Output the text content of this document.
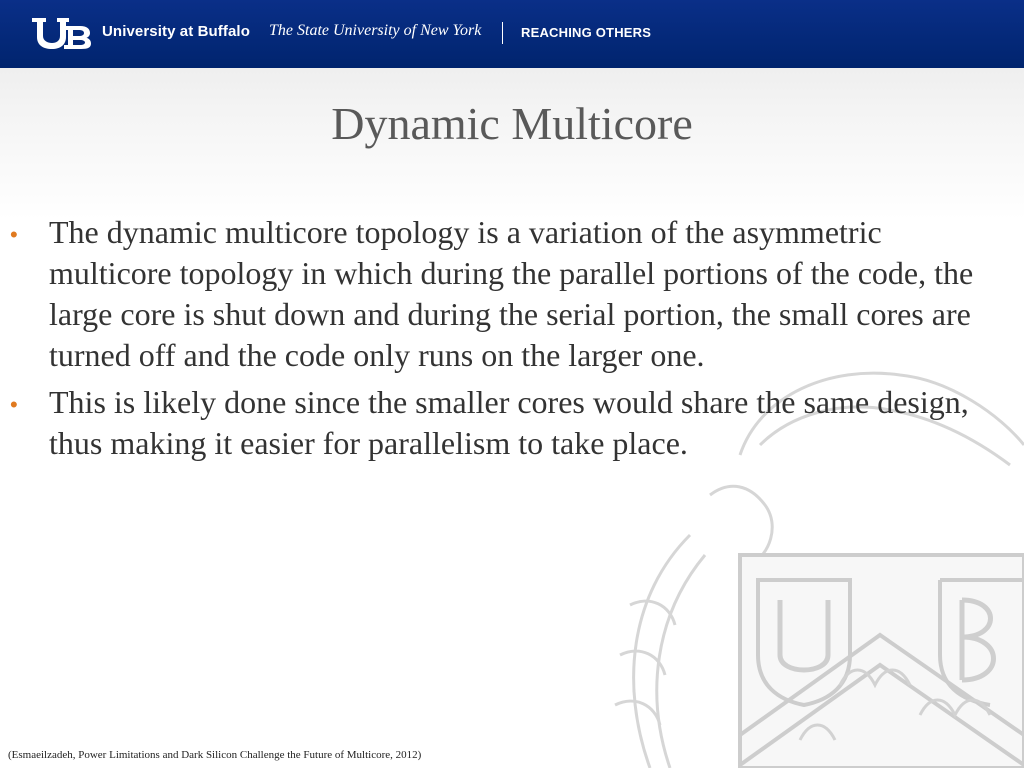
University at Buffalo The State University of New York	REACHING OTHERS
Dynamic Multicore
• The dynamic multicore topology is a variation of the asymmetric multicore topology in which during the parallel portions of the code, the large core is shut down and during the serial portion, the small cores are turned off and the code only runs on the larger one.
• This is likely done since the smaller cores would share the same design, thus making it easier for parallelism to take place.
(Esmaeilzadeh, Power Limitations and Dark Silicon Challenge the Future of Multicore, 2012)
